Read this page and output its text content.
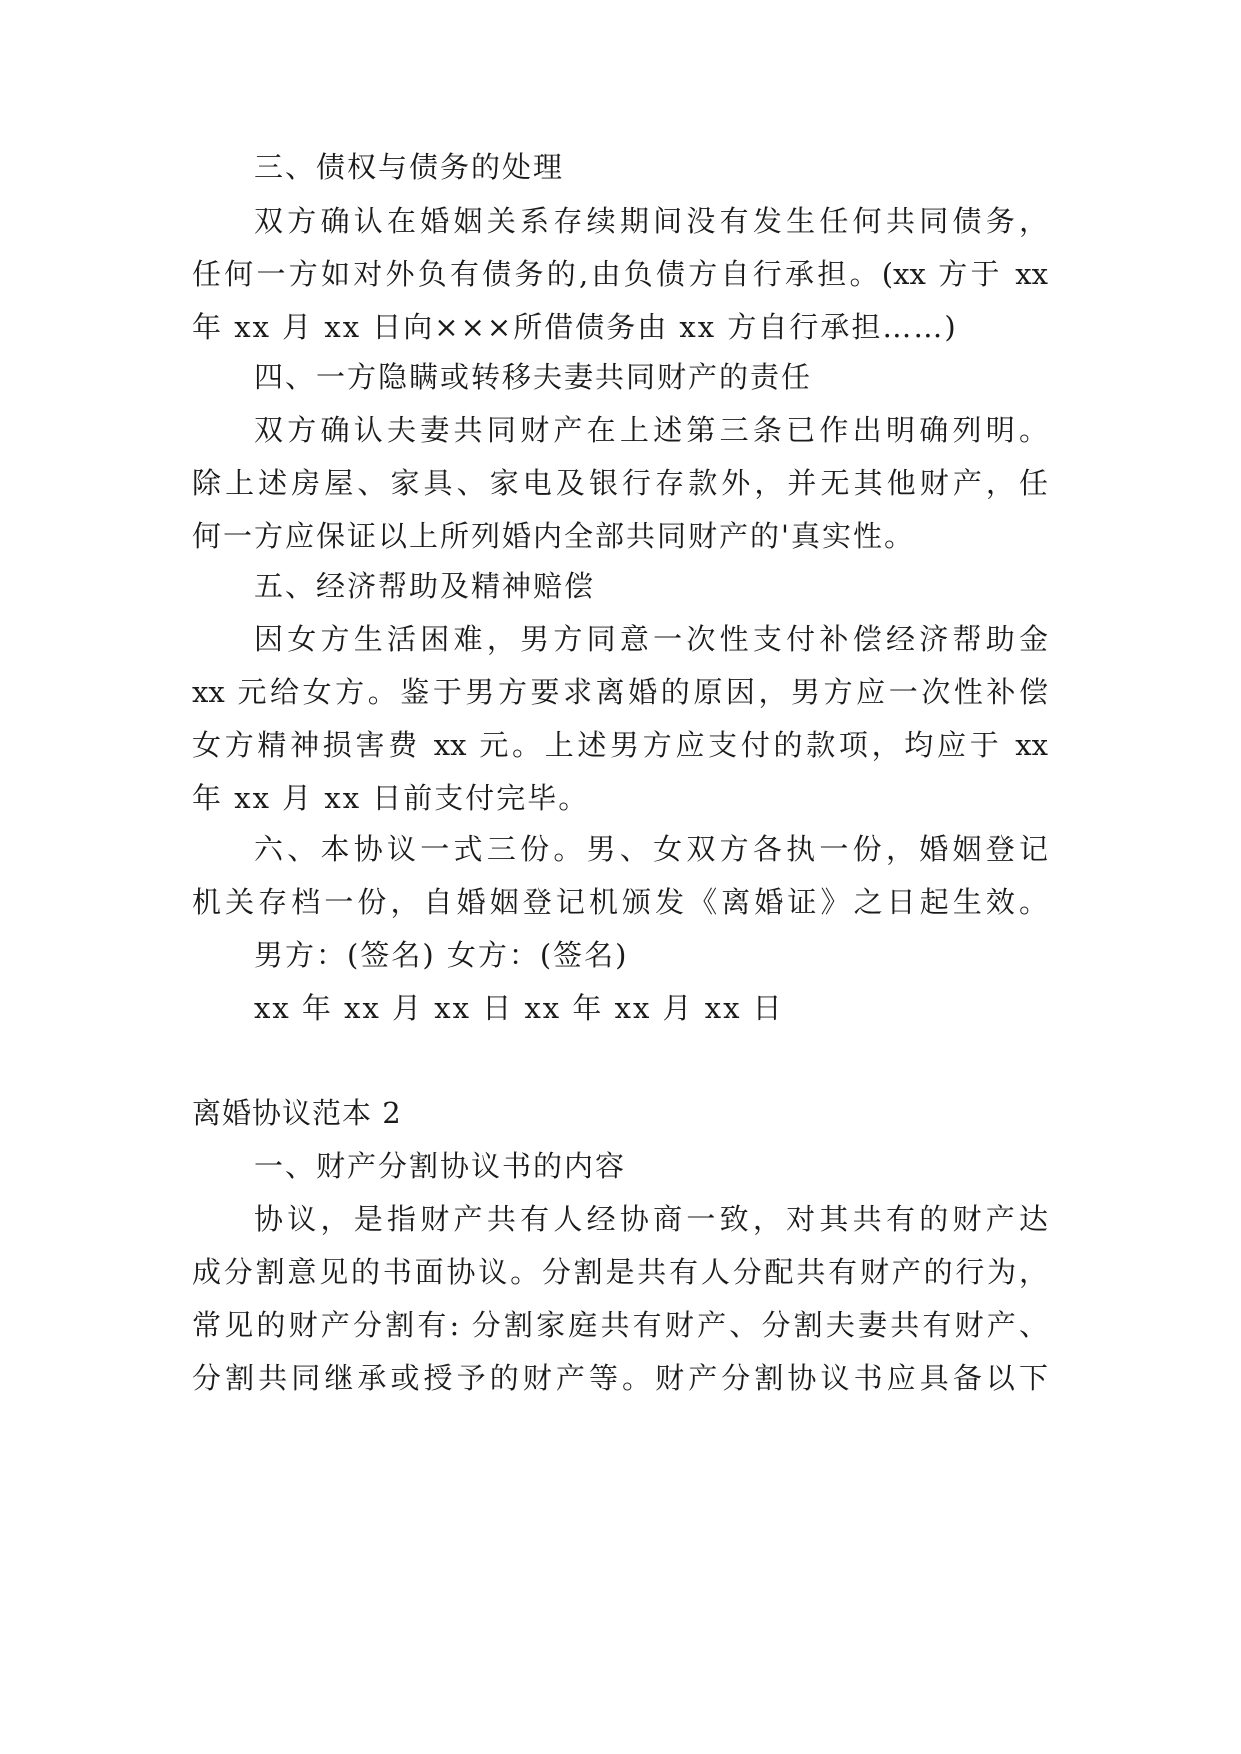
三、债权与债务的处理
双方确认在婚姻关系存续期间没有发生任何共同债务，
任何一方如对外负有债务的,由负债方自行承担。(xx 方于 xx
年 xx 月 xx 日向×××所借债务由 xx 方自行承担……)
四、一方隐瞒或转移夫妻共同财产的责任
双方确认夫妻共同财产在上述第三条已作出明确列明。
除上述房屋、家具、家电及银行存款外，并无其他财产，任
何一方应保证以上所列婚内全部共同财产的'真实性。
五、经济帮助及精神赔偿
因女方生活困难，男方同意一次性支付补偿经济帮助金
xx 元给女方。鉴于男方要求离婚的原因，男方应一次性补偿
女方精神损害费 xx 元。上述男方应支付的款项，均应于 xx
年 xx 月 xx 日前支付完毕。
六、本协议一式三份。男、女双方各执一份，婚姻登记
机关存档一份，自婚姻登记机颁发《离婚证》之日起生效。
男方：(签名) 女方：(签名)
xx 年 xx 月 xx 日 xx 年 xx 月 xx 日
离婚协议范本 2
一、财产分割协议书的内容
协议，是指财产共有人经协商一致，对其共有的财产达
成分割意见的书面协议。分割是共有人分配共有财产的行为，
常见的财产分割有: 分割家庭共有财产、分割夫妻共有财产、
分割共同继承或授予的财产等。财产分割协议书应具备以下
